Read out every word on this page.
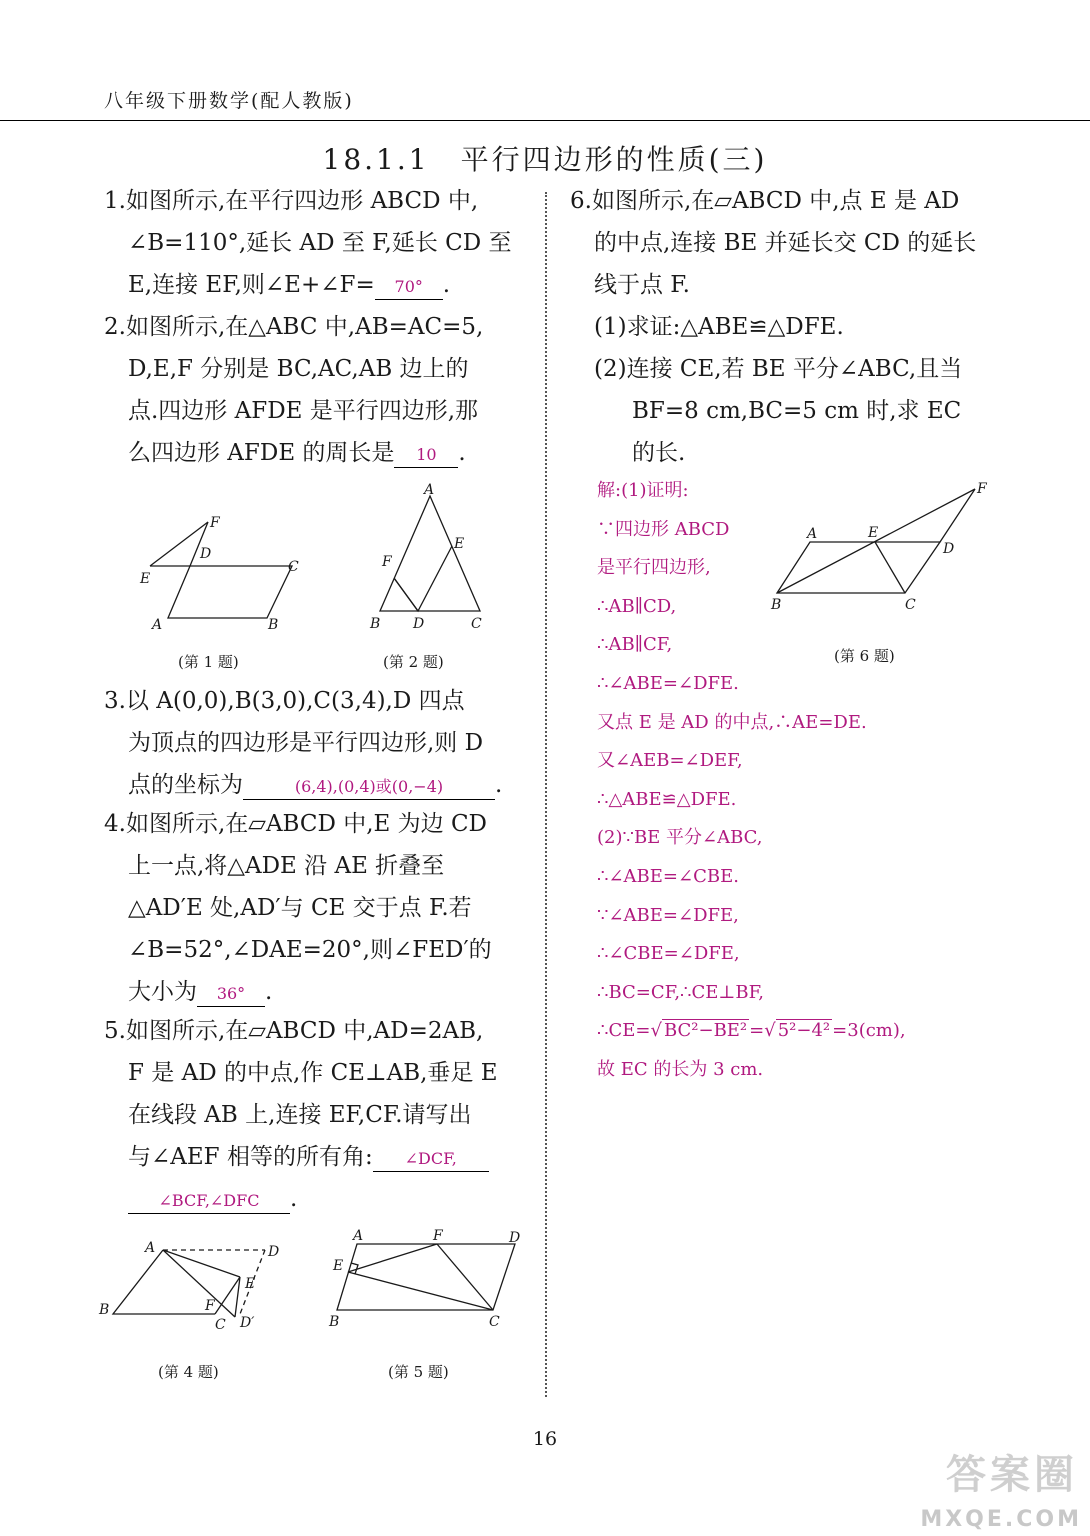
八年级下册数学(配人教版)
18.1.1　平行四边形的性质(三)
1.如图所示,在平行四边形 ABCD 中,
∠B=110°,延长 AD 至 F,延长 CD 至
E,连接 EF,则∠E+∠F= 70° .
2.如图所示,在△ABC 中,AB=AC=5,
D,E,F 分别是 BC,AC,AB 边上的
点.四边形 AFDE 是平行四边形,那
么四边形 AFDE 的周长是 10 .
A	B
C
D
E
F
(第 1 题)
A
B	C
D
E
F
(第 2 题)
3.以 A(0,0),B(3,0),C(3,4),D 四点
为顶点的四边形是平行四边形,则 D
点的坐标为	(6,4),(0,4)或(0,−4) .
4.如图所示,在▱ABCD 中,E 为边 CD
上一点,将△ADE 沿 AE 折叠至
△AD′E 处,AD′与 CE 交于点 F.若
∠B=52°,∠DAE=20°,则∠FED′的
大小为 36° .
5.如图所示,在▱ABCD 中,AD=2AB,
F 是 AD 的中点,作 CE⊥AB,垂足 E
在线段 AB 上,连接 EF,CF.请写出
与∠AEF 相等的所有角: ∠DCF,
∠BCF,∠DFC .
A
B
C
D
E
F
D′
(第 4 题)
A
B	C
D
E
F
(第 5 题)
6.如图所示,在▱ABCD 中,点 E 是 AD
的中点,连接 BE 并延长交 CD 的延长
线于点 F.
(1)求证:△ABE≌△DFE.
(2)连接 CE,若 BE 平分∠ABC,且当
BF=8 cm,BC=5 cm 时,求 EC
的长.
解:(1)证明:
∵四边形 ABCD
是平行四边形,
∴AB∥CD,
∴AB∥CF,
∴∠ABE=∠DFE.
又点 E 是 AD 的中点,∴AE=DE.
又∠AEB=∠DEF,
∴△ABE≌△DFE.
(2)∵BE 平分∠ABC,
∴∠ABE=∠CBE.
∵∠ABE=∠DFE,
∴∠CBE=∠DFE,
∴BC=CF,∴CE⊥BF,
∴CE=√ BC²−BE² =√ 5²−4² =3(cm),
故 EC 的长为 3 cm.
A
B	C
D
E
F
(第 6 题)
16
答案圈
MXQE.COM
